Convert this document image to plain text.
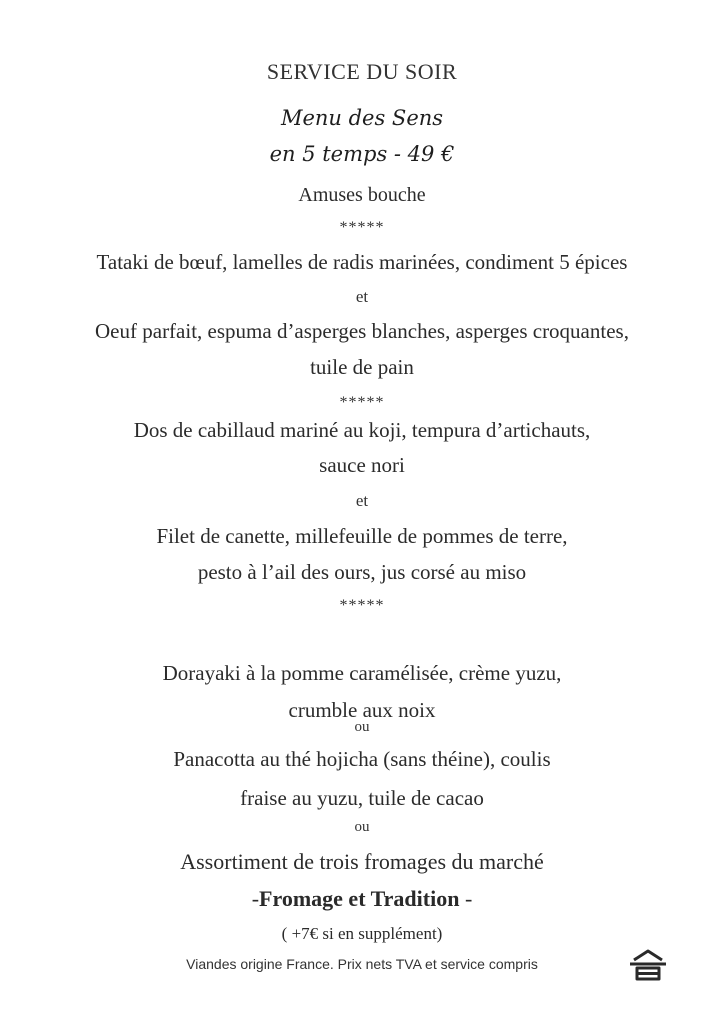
SERVICE DU SOIR
Menu des Sens
en 5 temps - 49 €
Amuses bouche
*****
Tataki de bœuf, lamelles de radis marinées, condiment 5 épices
et
Oeuf parfait, espuma d’asperges blanches, asperges croquantes,
tuile de pain
*****
Dos de cabillaud mariné au koji, tempura d’artichauts,
sauce nori
et
Filet de canette, millefeuille de pommes de terre,
pesto à l’ail des ours, jus corsé au miso
*****
Dorayaki à la pomme caramélisée, crème yuzu,
crumble aux noix
ou
Panacotta au thé hojicha (sans théine), coulis
fraise au yuzu, tuile de cacao
ou
Assortiment de trois fromages du marché
-Fromage et Tradition -
( +7€ si en supplément)
Viandes origine France. Prix nets TVA et service compris
